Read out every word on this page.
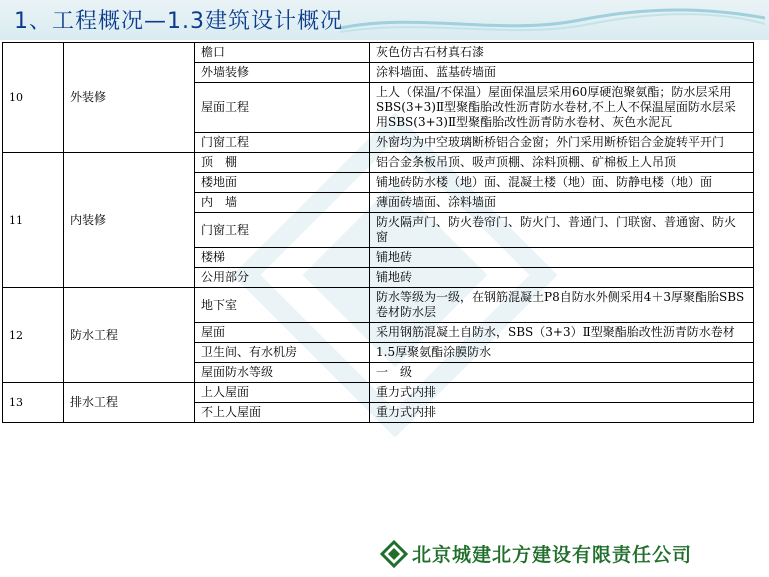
1、工程概况—1.3建筑设计概况
10	外装修	檐口	灰色仿古石材真石漆
		外墙装修	涂料墙面、蓝基砖墙面
		屋面工程	上人（保温/不保温）屋面保温层采用60厚硬泡聚氨酯；防水层采用SBS(3+3)Ⅱ型聚酯胎改性沥青防水卷材,不上人不保温屋面防水层采用SBS(3+3)Ⅱ型聚酯胎改性沥青防水卷材、灰色水泥瓦
		门窗工程	外窗均为中空玻璃断桥铝合金窗；外门采用断桥铝合金旋转平开门
11	内装修	顶　棚	铝合金条板吊顶、吸声顶棚、涂料顶棚、矿棉板上人吊顶
		楼地面	铺地砖防水楼（地）面、混凝土楼（地）面、防静电楼（地）面
		内　墙	薄面砖墙面、涂料墙面
		门窗工程	防火隔声门、防火卷帘门、防火门、普通门、门联窗、普通窗、防火窗
		楼梯	铺地砖
		公用部分	铺地砖
12	防水工程	地下室	防水等级为一级，在钢筋混凝土P8自防水外侧采用4＋3厚聚酯胎SBS卷材防水层
		屋面	采用钢筋混凝土自防水，SBS（3+3）Ⅱ型聚酯胎改性沥青防水卷材
		卫生间、有水机房	1.5厚聚氨酯涂膜防水
		屋面防水等级	一　级
13	排水工程	上人屋面	重力式内排
		不上人屋面	重力式内排
北京城建北方建设有限责任公司
